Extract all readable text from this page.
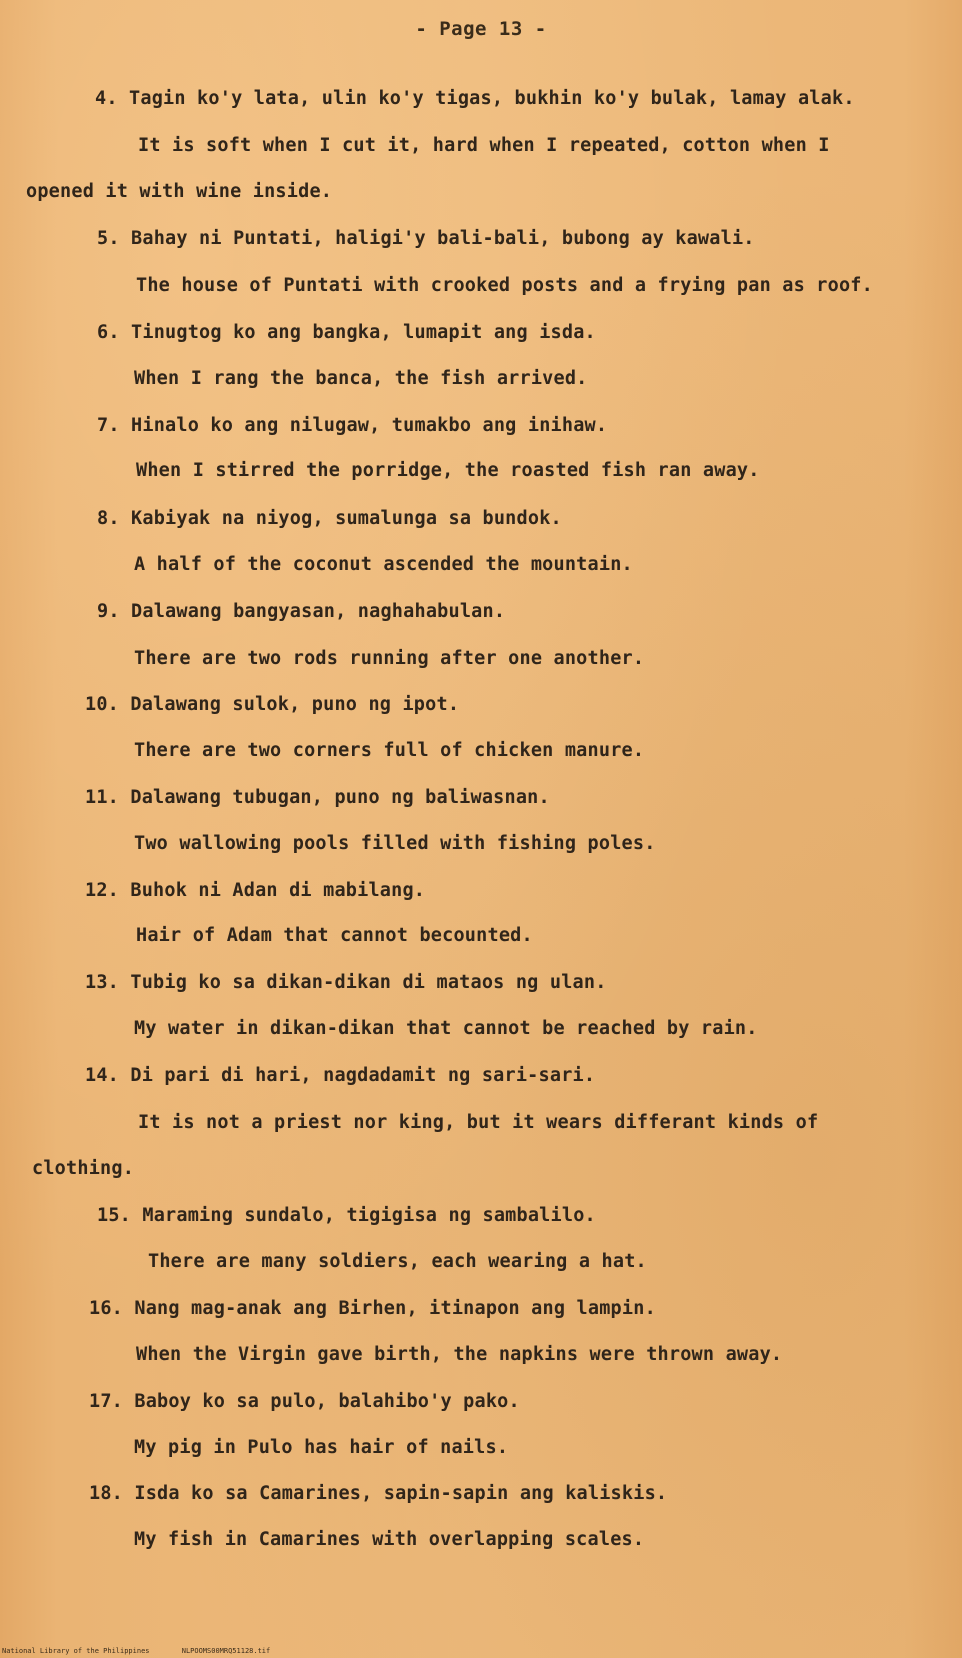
- Page 13 -
4. Tagin ko'y lata, ulin ko'y tigas, bukhin ko'y bulak, lamay alak.
It is soft when I cut it, hard when I repeated, cotton when I
opened it with wine inside.
5. Bahay ni Puntati, haligi'y bali-bali, bubong ay kawali.
The house of Puntati with crooked posts and a frying pan as roof.
6. Tinugtog ko ang bangka, lumapit ang isda.
When I rang the banca, the fish arrived.
7. Hinalo ko ang nilugaw, tumakbo ang inihaw.
When I stirred the porridge, the roasted fish ran away.
8. Kabiyak na niyog, sumalunga sa bundok.
A half of the coconut ascended the mountain.
9. Dalawang bangyasan, naghahabulan.
There are two rods running after one another.
10. Dalawang sulok, puno ng ipot.
There are two corners full of chicken manure.
11. Dalawang tubugan, puno ng baliwasnan.
Two wallowing pools filled with fishing poles.
12. Buhok ni Adan di mabilang.
Hair of Adam that cannot becounted.
13. Tubig ko sa dikan-dikan di mataos ng ulan.
My water in dikan-dikan that cannot be reached by rain.
14. Di pari di hari, nagdadamit ng sari-sari.
It is not a priest nor king, but it wears differant kinds of
clothing.
15. Maraming sundalo, tigigisa ng sambalilo.
There are many soldiers, each wearing a hat.
16. Nang mag-anak ang Birhen, itinapon ang lampin.
When the Virgin gave birth, the napkins were thrown away.
17. Baboy ko sa pulo, balahibo'y pako.
My pig in Pulo has hair of nails.
18. Isda ko sa Camarines, sapin-sapin ang kaliskis.
My fish in Camarines with overlapping scales.
National Library of the Philippines	NLPOOMS00MRQ51128.tif
